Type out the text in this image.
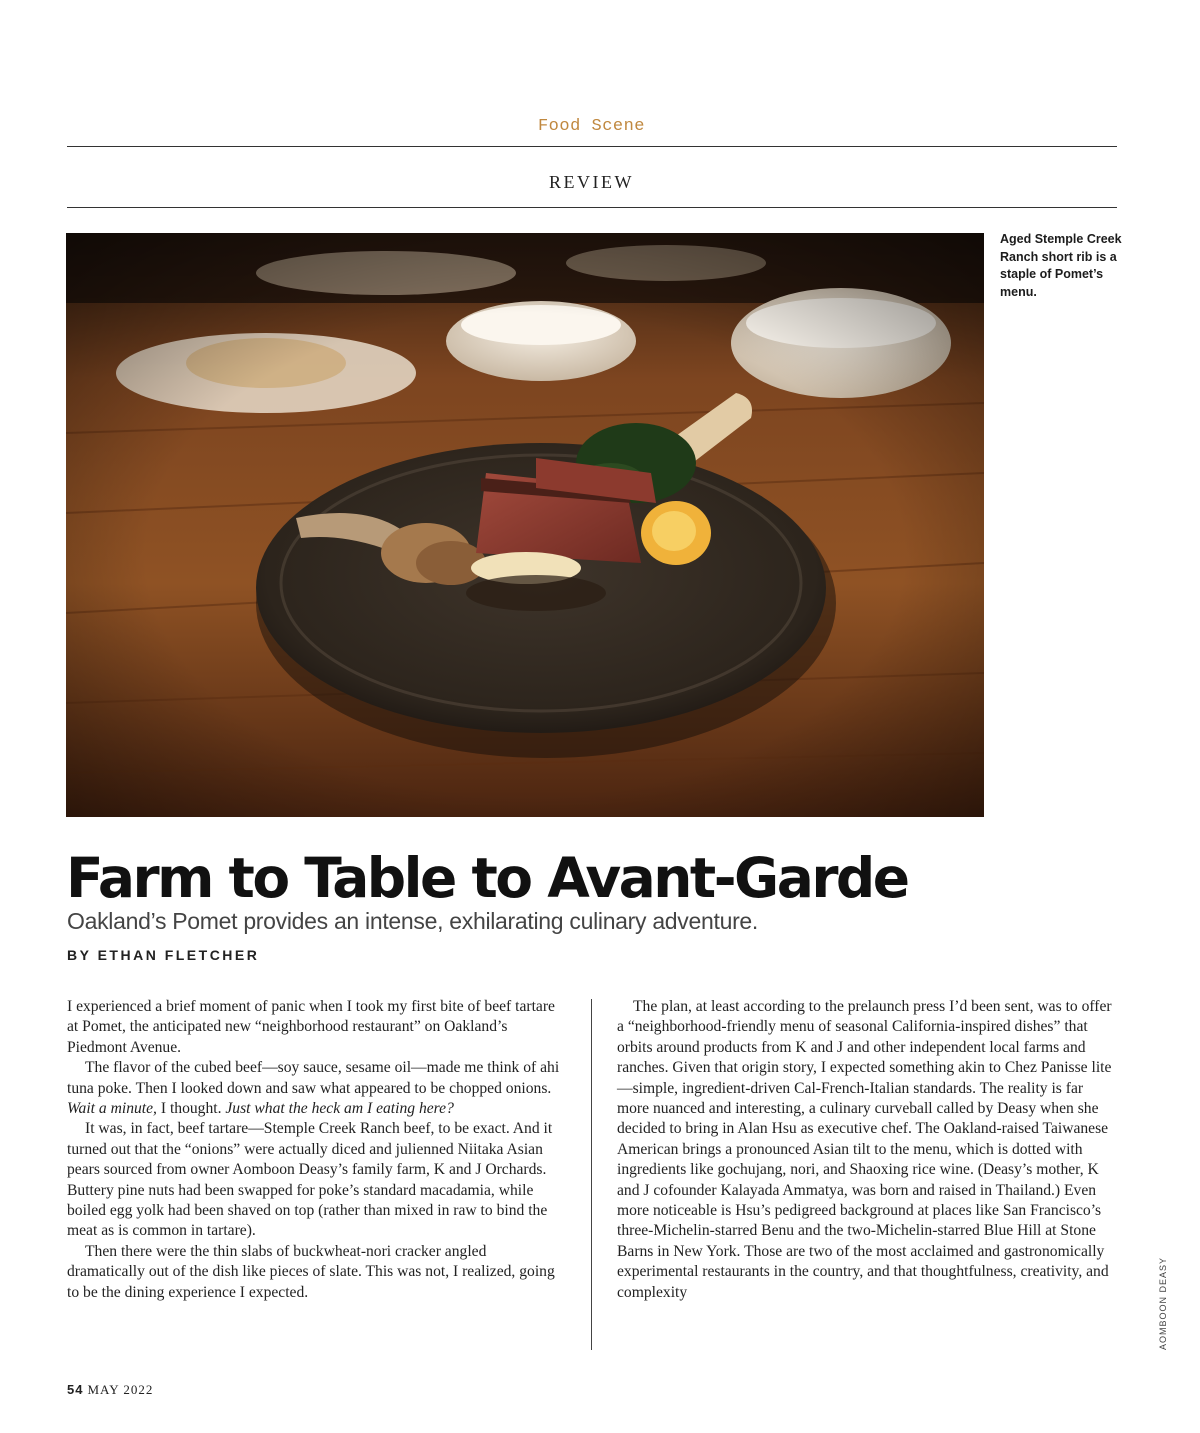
Food Scene
REVIEW
Aged Stemple Creek Ranch short rib is a staple of Pomet’s menu.
Farm to Table to Avant-Garde
Oakland’s Pomet provides an intense, exhilarating culinary adventure.
BY ETHAN FLETCHER

I experienced a brief moment of panic when I took my first bite of beef tartare at Pomet, the anticipated new “neighborhood restaurant” on Oakland’s Piedmont Avenue.

The flavor of the cubed beef—soy sauce, sesame oil—made me think of ahi tuna poke. Then I looked down and saw what appeared to be chopped onions. Wait a minute, I thought. Just what the heck am I eating here?

It was, in fact, beef tartare—Stemple Creek Ranch beef, to be exact. And it turned out that the “onions” were actually diced and julienned Niitaka Asian pears sourced from owner Aomboon Deasy’s family farm, K and J Orchards. Buttery pine nuts had been swapped for poke’s standard macadamia, while boiled egg yolk had been shaved on top (rather than mixed in raw to bind the meat as is common in tartare).

Then there were the thin slabs of buckwheat-nori cracker angled dramatically out of the dish like pieces of slate. This was not, I realized, going to be the dining experience I expected.

The plan, at least according to the prelaunch press I’d been sent, was to offer a “neighborhood-friendly menu of seasonal California-inspired dishes” that orbits around products from K and J and other independent local farms and ranches. Given that origin story, I expected something akin to Chez Panisse lite—simple, ingredient-driven Cal-French-Italian standards. The reality is far more nuanced and interesting, a culinary curveball called by Deasy when she decided to bring in Alan Hsu as executive chef. The Oakland-raised Taiwanese American brings a pronounced Asian tilt to the menu, which is dotted with ingredients like gochujang, nori, and Shaoxing rice wine. (Deasy’s mother, K and J cofounder Kalayada Ammatya, was born and raised in Thailand.) Even more noticeable is Hsu’s pedigreed background at places like San Francisco’s three-Michelin-starred Benu and the two-Michelin-starred Blue Hill at Stone Barns in New York. Those are two of the most acclaimed and gastronomically experimental restaurants in the country, and that thoughtfulness, creativity, and complexity

54 MAY 2022
AOMBOON DEASY
